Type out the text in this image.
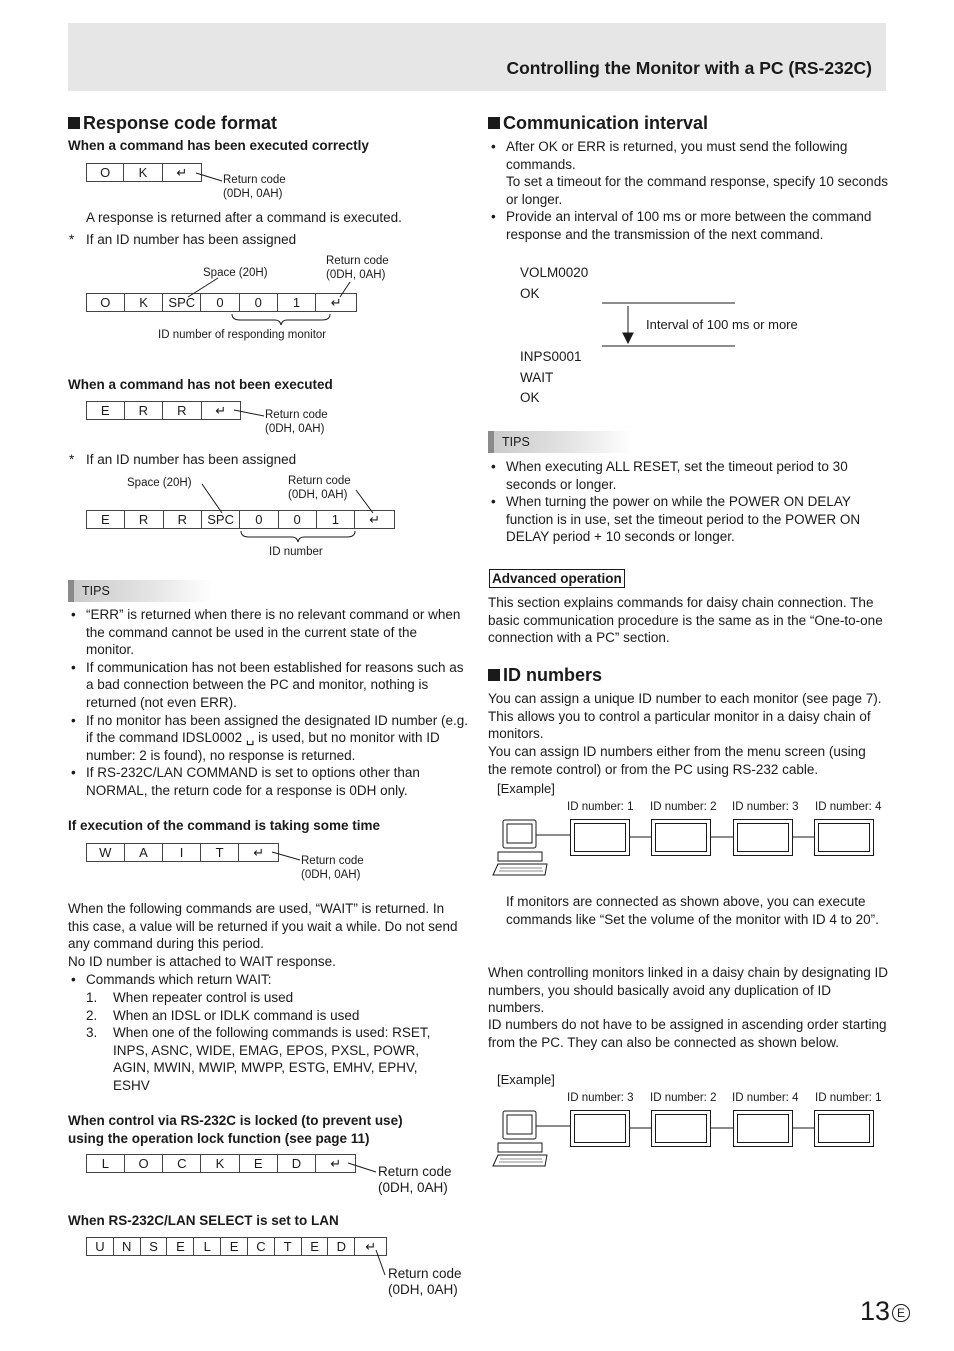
Controlling the Monitor with a PC (RS-232C)
Response code format
When a command has been executed correctly
O	K	↵
Return code
(0DH, 0AH)
A response is returned after a command is executed.
* If an ID number has been assigned
Space (20H)
Return code
(0DH, 0AH)
O	K	SPC	0	0	1	↵
ID number of responding monitor
When a command has not been executed
E	R	R	↵	Return code
(0DH, 0AH)
* If an ID number has been assigned
Space (20H)	Return code
(0DH, 0AH)
E	R	R	SPC	0	0	1	↵
ID number
TIPS
• “ERR” is returned when there is no relevant command or when the command cannot be used in the current state of the monitor.
• If communication has not been established for reasons such as a bad connection between the PC and monitor, nothing is returned (not even ERR).
• If no monitor has been assigned the designated ID number (e.g. if the command IDSL0002 ␣ is used, but no monitor with ID number: 2 is found), no response is returned.
• If RS-232C/LAN COMMAND is set to options other than NORMAL, the return code for a response is 0DH only.
If execution of the command is taking some time
W	A	I	T	↵
Return code
(0DH, 0AH)
When the following commands are used, “WAIT” is returned. In this case, a value will be returned if you wait a while. Do not send any command during this period.
No ID number is attached to WAIT response.
• Commands which return WAIT:
1. When repeater control is used
2. When an IDSL or IDLK command is used
3. When one of the following commands is used: RSET, INPS, ASNC, WIDE, EMAG, EPOS, PXSL, POWR, AGIN, MWIN, MWIP, MWPP, ESTG, EMHV, EPHV, ESHV
When control via RS-232C is locked (to prevent use)
using the operation lock function (see page 11)
L	O	C	K	E	D	↵
Return code
(0DH, 0AH)
When RS-232C/LAN SELECT is set to LAN
U	N	S	E	L	E	C	T	E	D	↵
Return code
(0DH, 0AH)
Communication interval
• After OK or ERR is returned, you must send the following commands.
To set a timeout for the command response, specify 10 seconds or longer.
• Provide an interval of 100 ms or more between the command response and the transmission of the next command.
VOLM0020
OK
Interval of 100 ms or more
INPS0001
WAIT
OK
TIPS
• When executing ALL RESET, set the timeout period to 30 seconds or longer.
• When turning the power on while the POWER ON DELAY function is in use, set the timeout period to the POWER ON DELAY period + 10 seconds or longer.
Advanced operation
This section explains commands for daisy chain connection. The basic communication procedure is the same as in the “One-to-one connection with a PC” section.
ID numbers
You can assign a unique ID number to each monitor (see page 7). This allows you to control a particular monitor in a daisy chain of monitors.
You can assign ID numbers either from the menu screen (using the remote control) or from the PC using RS-232 cable.
[Example]
ID number: 1 ID number: 2 ID number: 3 ID number: 4
If monitors are connected as shown above, you can execute commands like “Set the volume of the monitor with ID 4 to 20”.
When controlling monitors linked in a daisy chain by designating ID numbers, you should basically avoid any duplication of ID numbers.
ID numbers do not have to be assigned in ascending order starting from the PC. They can also be connected as shown below.
[Example]
ID number: 3 ID number: 2 ID number: 4 ID number: 1
13 E
